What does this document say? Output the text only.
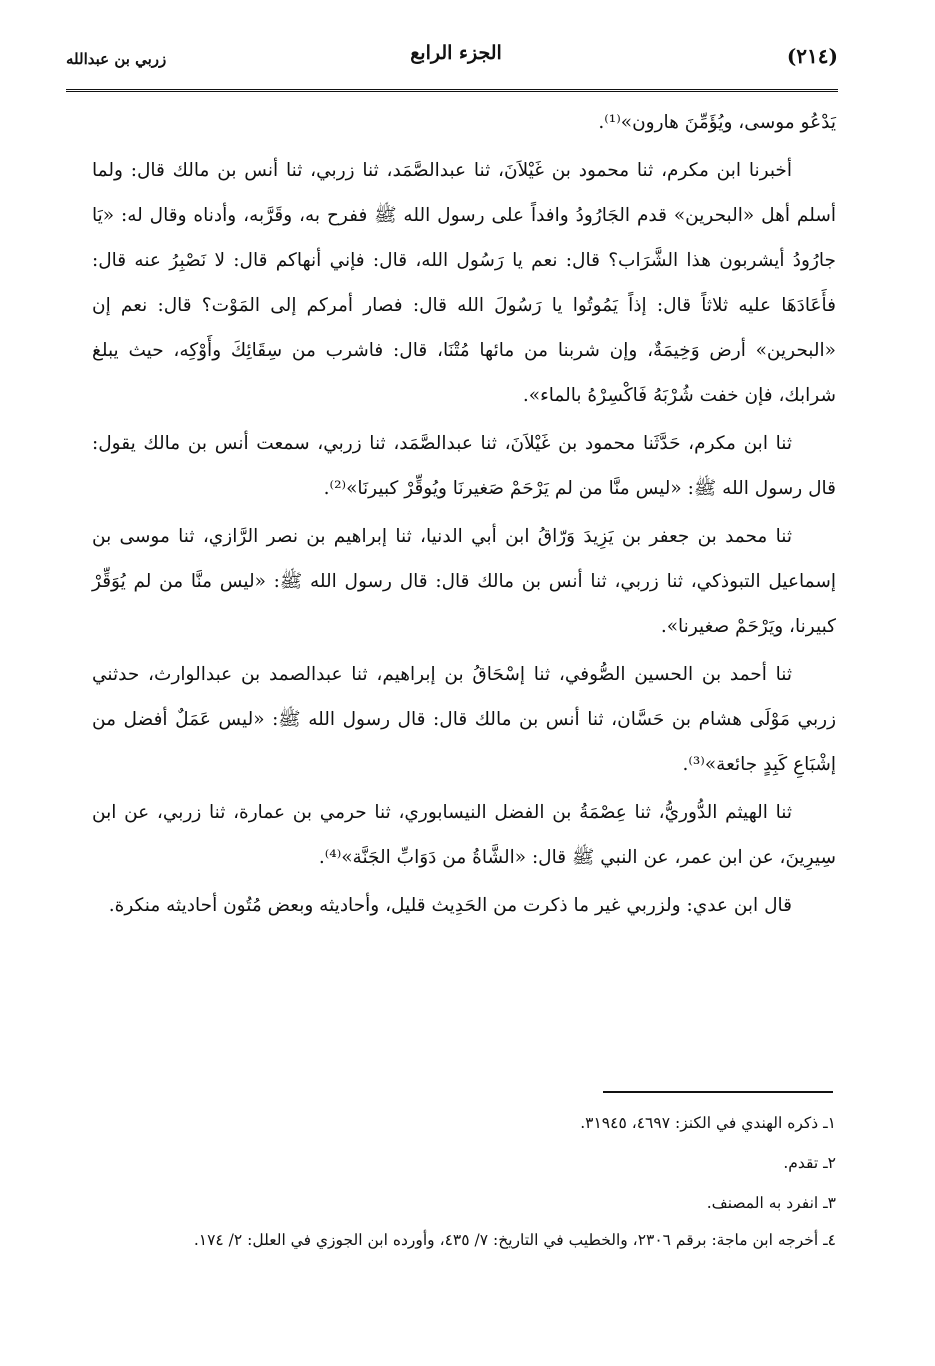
زربي بن عبدالله	الجزء الرابع	(٢١٤)

يَدْعُو موسى، ويُؤَمِّنَ هارون»⁽¹⁾.

أخبرنا ابن مكرم، ثنا محمود بن غَيْلاَنَ، ثنا عبدالصَّمَد، ثنا زربي، ثنا أنس بن مالك قال: ولما أسلم أهل «البحرين» قدم الجَارُودُ وافداً على رسول الله ﷺ ففرح به، وقَرَّبه، وأدناه وقال له: «يَا جارُودُ أيشربون هذا الشَّرَاب؟ قال: نعم يا رَسُول الله، قال: فإني أنهاكم قال: لا نَصْبِرُ عنه قال: فأَعَادَهَا عليه ثلاثاً قال: إذاً يَمُوتُوا يا رَسُولَ الله قال: فصار أمركم إلى المَوْت؟ قال: نعم إن «البحرين» أرض وَخِيمَةٌ، وإن شربنا من مائها مُتْنَا، قال: فاشرب من سِقَائِكَ وأَوْكِه، حيث يبلغ شرابك، فإن خفت شُرْبَهُ فَاكْسِرْهُ بالماء».

ثنا ابن مكرم، حَدَّثَنا محمود بن غَيْلاَنَ، ثنا عبدالصَّمَد، ثنا زربي، سمعت أنس بن مالك يقول: قال رسول الله ﷺ: «ليس منَّا من لم يَرْحَمْ صَغيرنَا ويُوقِّرْ كبيرنَا»⁽²⁾.

ثنا محمد بن جعفر بن يَزِيدَ وَرّاقُ ابن أبي الدنيا، ثنا إبراهيم بن نصر الرَّازي، ثنا موسى بن إسماعيل التبوذكي، ثنا زربي، ثنا أنس بن مالك قال: قال رسول الله ﷺ: «ليس منَّا من لم يُوَقِّرْ كبيرنا، ويَرْحَمْ صغيرنا».

ثنا أحمد بن الحسين الصُّوفي، ثنا إسْحَاقُ بن إبراهيم، ثنا عبدالصمد بن عبدالوارث، حدثني زربي مَوْلَى هشام بن حَسَّان، ثنا أنس بن مالك قال: قال رسول الله ﷺ: «ليس عَمَلٌ أفضل من إشْبَاعِ كَبِدٍ جائعة»⁽³⁾.

ثنا الهيثم الدُّوريُّ، ثنا عِصْمَةُ بن الفضل النيسابوري، ثنا حرمي بن عمارة، ثنا زربي، عن ابن سِيرِينَ، عن ابن عمر، عن النبي ﷺ قال: «الشَّاةُ من دَوَابِّ الجَنَّة»⁽⁴⁾.

قال ابن عدي: ولزربي غير ما ذكرت من الحَدِيث قليل، وأحاديثه وبعض مُتُون أحاديثه منكرة.

١ـ ذكره الهندي في الكنز: ٤٦٩٧، ٣١٩٤٥.

٢ـ تقدم.

٣ـ انفرد به المصنف.

٤ـ أخرجه ابن ماجة: برقم ٢٣٠٦، والخطيب في التاريخ: ٧/ ٤٣٥، وأورده ابن الجوزي في العلل: ٢/ ١٧٤.
